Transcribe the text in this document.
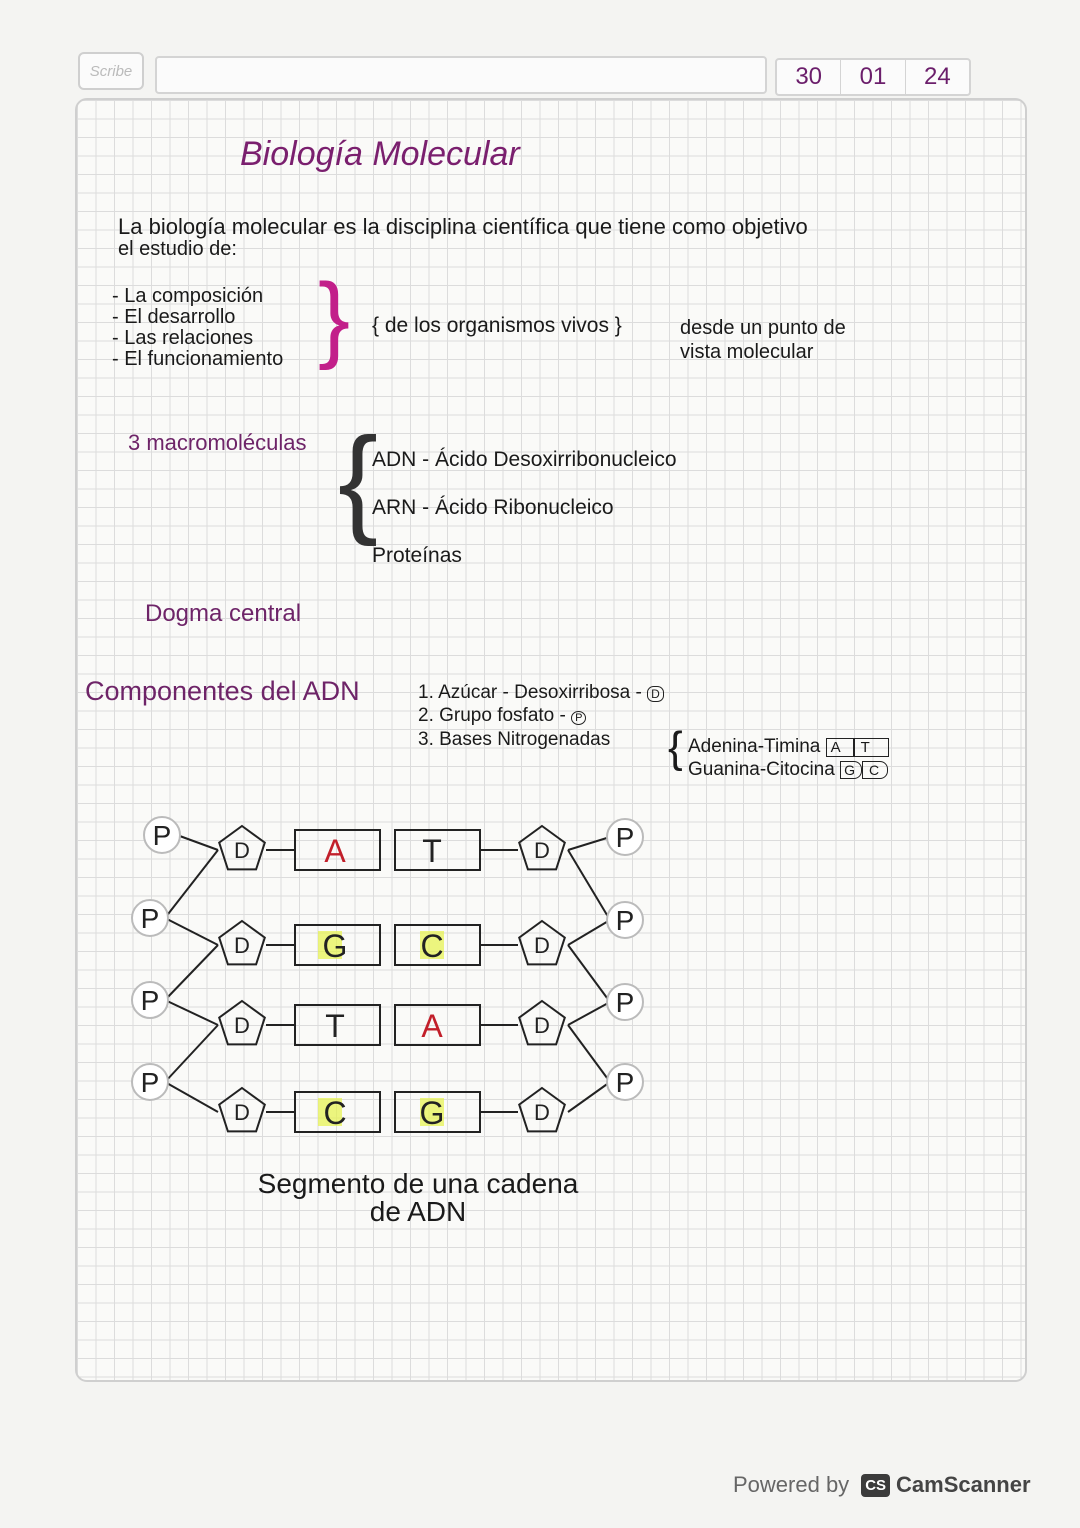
Scribe	30	01	24
Biología Molecular
La biología molecular es la disciplina científica que tiene como objetivo
el estudio de:
- La composición
- El desarrollo
- Las relaciones
- El funcionamiento } { de los organismos vivos }	desde un punto de
vista molecular
3 macromoléculas {
ADN - Ácido Desoxirribonucleico
ARN - Ácido Ribonucleico
Proteínas
Dogma central
Componentes del ADN	1. Azúcar - Desoxirribosa - D
2. Grupo fosfato - P
3. Bases Nitrogenadas	{ Adenina-Timina A T
Guanina-Citocina G C
D	D
A T
D	D
G C
D	D
T A
D	D
C G
P
P
P
P
P
P
P
P
Segmento de una cadena
de ADN
Powered by CS CamScanner
